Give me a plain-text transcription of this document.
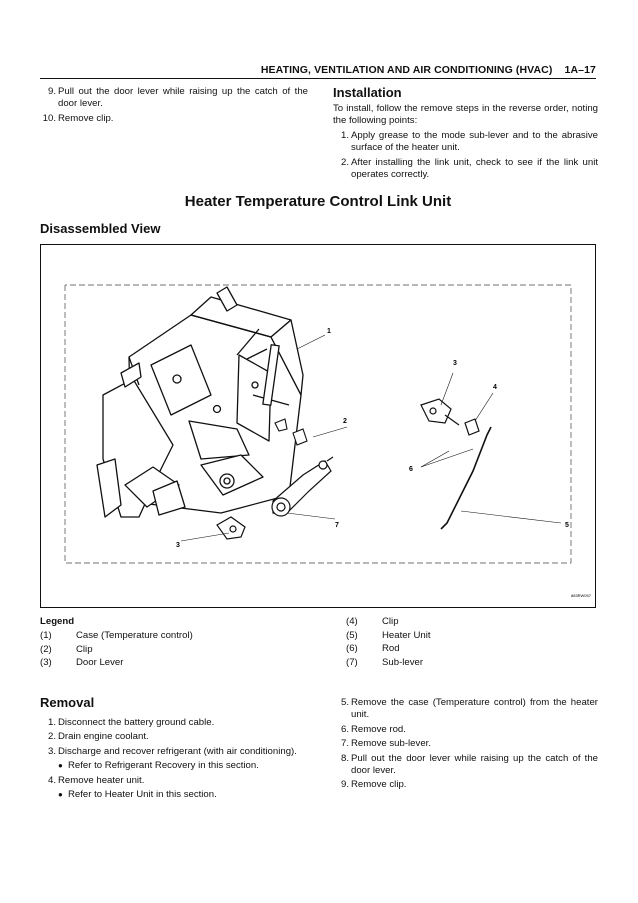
HEATING, VENTILATION AND AIR CONDITIONING (HVAC) 1A–17
9. Pull out the door lever while raising up the catch of the door lever.
10. Remove clip.
Installation
To install, follow the remove steps in the reverse order, noting the following points:
1. Apply grease to the mode sub-lever and to the abrasive surface of the heater unit.
2. After installing the link unit, check to see if the link unit operates correctly.
Heater Temperature Control Link Unit
Disassembled View
1
2
3
4
5
6
7
3
883RW057
Legend
(1)	Case (Temperature control)
(2)	Clip
(3)	Door Lever
(4)	Clip
(5)	Heater Unit
(6)	Rod
(7)	Sub-lever
Removal
1. Disconnect the battery ground cable.
2. Drain engine coolant.
3. Discharge and recover refrigerant (with air conditioning).
● Refer to Refrigerant Recovery in this section.
4. Remove heater unit.
● Refer to Heater Unit in this section.
5. Remove the case (Temperature control) from the heater unit.
6. Remove rod.
7. Remove sub-lever.
8. Pull out the door lever while raising up the catch of the door lever.
9. Remove clip.
